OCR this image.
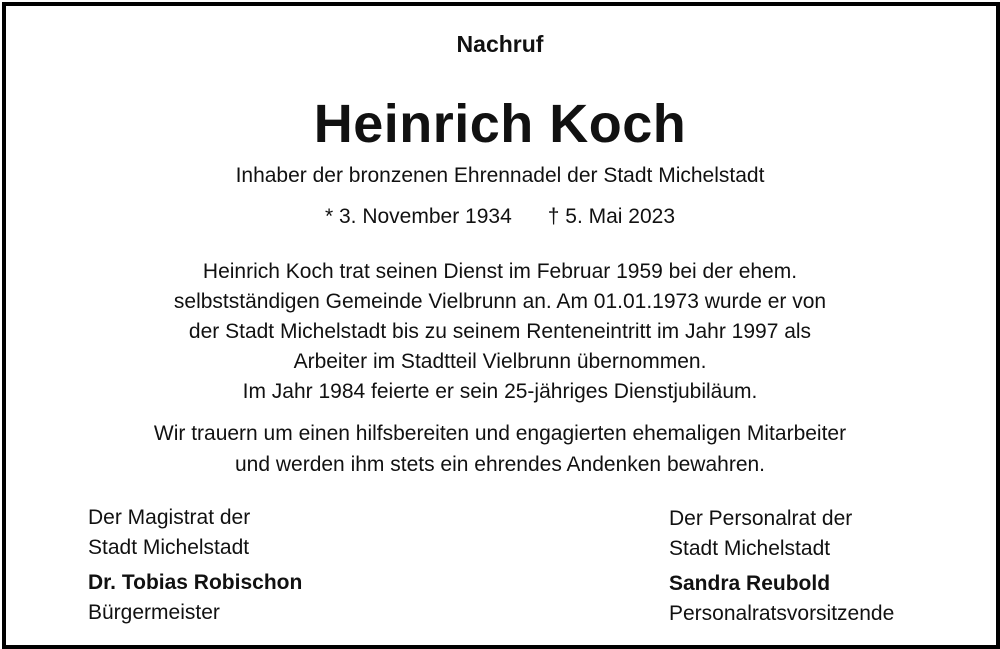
Nachruf
Heinrich Koch
Inhaber der bronzenen Ehrennadel der Stadt Michelstadt
* 3. November 1934 † 5. Mai 2023
Heinrich Koch trat seinen Dienst im Februar 1959 bei der ehem.
selbstständigen Gemeinde Vielbrunn an. Am 01.01.1973 wurde er von
der Stadt Michelstadt bis zu seinem Renteneintritt im Jahr 1997 als
Arbeiter im Stadtteil Vielbrunn übernommen.
Im Jahr 1984 feierte er sein 25-jähriges Dienstjubiläum.
Wir trauern um einen hilfsbereiten und engagierten ehemaligen Mitarbeiter
und werden ihm stets ein ehrendes Andenken bewahren.
Der Magistrat der
Stadt Michelstadt
Dr. Tobias Robischon
Bürgermeister
Der Personalrat der
Stadt Michelstadt
Sandra Reubold
Personalratsvorsitzende
